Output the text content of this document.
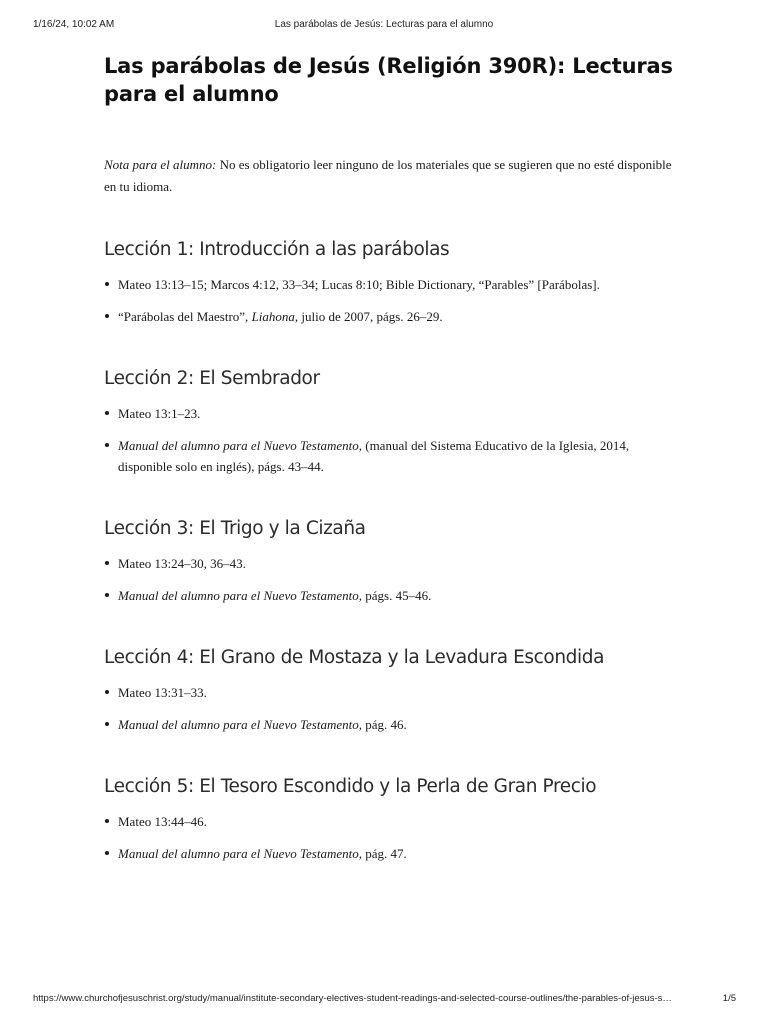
1/16/24, 10:02 AM	Las parábolas de Jesús: Lecturas para el alumno
Las parábolas de Jesús (Religión 390R): Lecturas para el alumno

Nota para el alumno: No es obligatorio leer ninguno de los materiales que se sugieren que no esté disponible en tu idioma.

Lección 1: Introducción a las parábolas
Mateo 13:13–15; Marcos 4:12, 33–34; Lucas 8:10; Bible Dictionary, “Parables” [Parábolas].
“Parábolas del Maestro”, Liahona, julio de 2007, págs. 26–29.
Lección 2: El Sembrador
Mateo 13:1–23.
Manual del alumno para el Nuevo Testamento, (manual del Sistema Educativo de la Iglesia, 2014, disponible solo en inglés), págs. 43–44.
Lección 3: El Trigo y la Cizaña
Mateo 13:24–30, 36–43.
Manual del alumno para el Nuevo Testamento, págs. 45–46.
Lección 4: El Grano de Mostaza y la Levadura Escondida
Mateo 13:31–33.
Manual del alumno para el Nuevo Testamento, pág. 46.
Lección 5: El Tesoro Escondido y la Perla de Gran Precio
Mateo 13:44–46.
Manual del alumno para el Nuevo Testamento, pág. 47.
https://www.churchofjesuschrist.org/study/manual/institute-secondary-electives-student-readings-and-selected-course-outlines/the-parables-of-jesus-s…	1/5
